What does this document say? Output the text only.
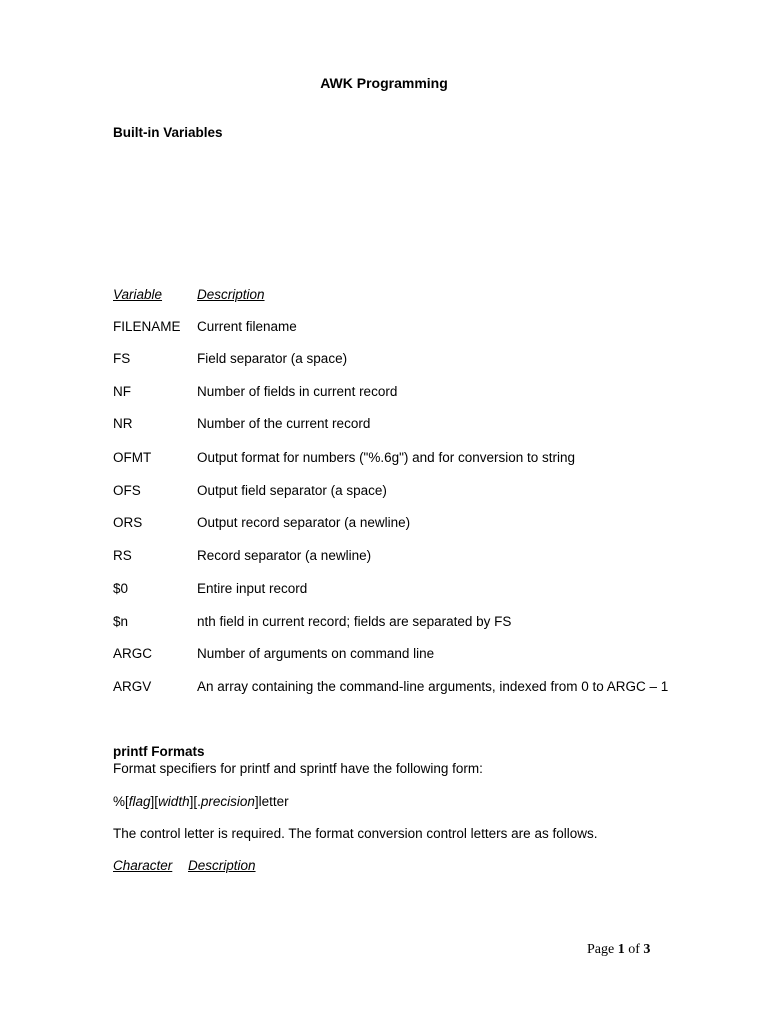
AWK Programming
Built-in Variables
Variable	Description
FILENAME Current filename
FS	Field separator (a space)
NF	Number of fields in current record
NR	Number of the current record
OFMT	Output format for numbers ("%.6g") and for conversion to string
OFS	Output field separator (a space)
ORS	Output record separator (a newline)
RS	Record separator (a newline)
$0	Entire input record
$n	nth field in current record; fields are separated by FS
ARGC	Number of arguments on command line
ARGV	An array containing the command-line arguments, indexed from 0 to ARGC – 1
printf Formats
Format specifiers for printf and sprintf have the following form:
%[flag][width][.precision]letter
The control letter is required. The format conversion control letters are as follows.
Character Description
Page 1 of 3
